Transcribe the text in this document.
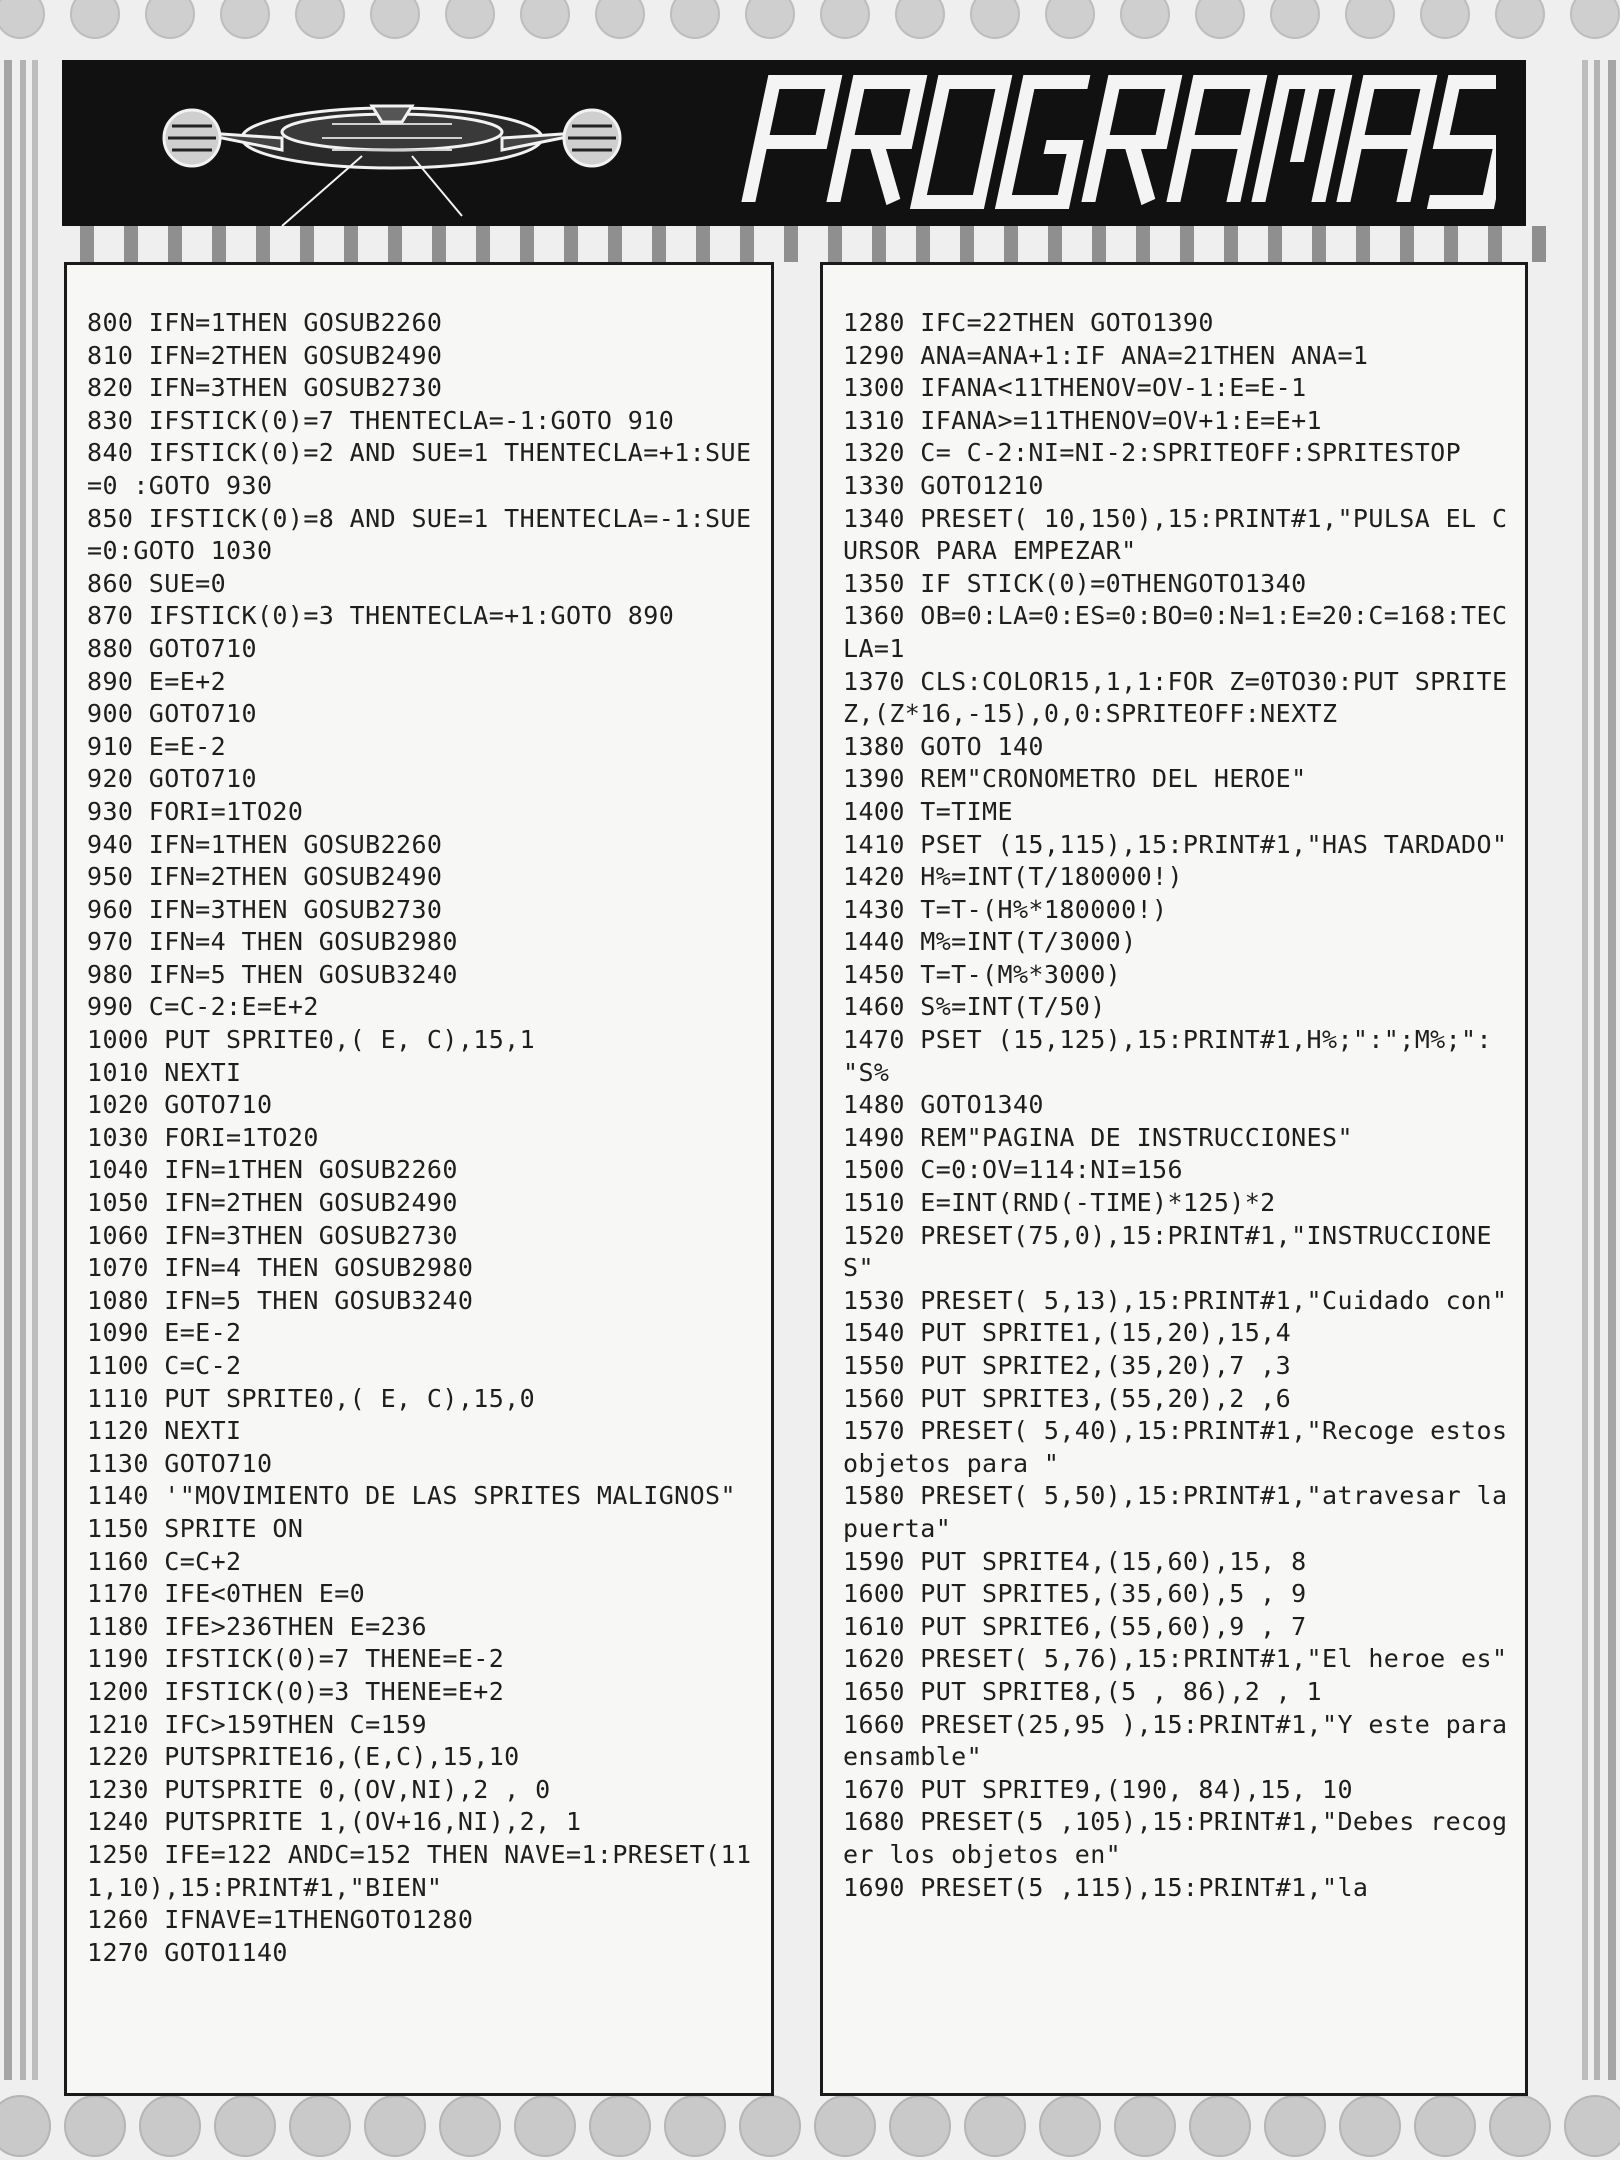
800 IFN=1THEN GOSUB2260

810 IFN=2THEN GOSUB2490

820 IFN=3THEN GOSUB2730

830 IFSTICK(0)=7 THENTECLA=-1:GOTO 910

840 IFSTICK(0)=2 AND SUE=1 THENTECLA=+1:SUE=0 :GOTO 930

850 IFSTICK(0)=8 AND SUE=1 THENTECLA=-1:SUE=0:GOTO 1030

860 SUE=0

870 IFSTICK(0)=3 THENTECLA=+1:GOTO 890

880 GOTO710

890 E=E+2

900 GOTO710

910 E=E-2

920 GOTO710

930 FORI=1TO20

940 IFN=1THEN GOSUB2260

950 IFN=2THEN GOSUB2490

960 IFN=3THEN GOSUB2730

970 IFN=4 THEN GOSUB2980

980 IFN=5 THEN GOSUB3240

990 C=C-2:E=E+2

1000 PUT SPRITE0,( E, C),15,1

1010 NEXTI

1020 GOTO710

1030 FORI=1TO20

1040 IFN=1THEN GOSUB2260

1050 IFN=2THEN GOSUB2490

1060 IFN=3THEN GOSUB2730

1070 IFN=4 THEN GOSUB2980

1080 IFN=5 THEN GOSUB3240

1090 E=E-2

1100 C=C-2

1110 PUT SPRITE0,( E, C),15,0

1120 NEXTI

1130 GOTO710

1140 '"MOVIMIENTO DE LAS SPRITES MALIGNOS"

1150 SPRITE ON

1160 C=C+2

1170 IFE<0THEN E=0

1180 IFE>236THEN E=236

1190 IFSTICK(0)=7 THENE=E-2

1200 IFSTICK(0)=3 THENE=E+2

1210 IFC>159THEN C=159

1220 PUTSPRITE16,(E,C),15,10

1230 PUTSPRITE 0,(OV,NI),2 , 0

1240 PUTSPRITE 1,(OV+16,NI),2, 1

1250 IFE=122 ANDC=152 THEN NAVE=1:PRESET(111,10),15:PRINT#1,"BIEN"

1260 IFNAVE=1THENGOTO1280

1270 GOTO1140

1280 IFC=22THEN GOTO1390

1290 ANA=ANA+1:IF ANA=21THEN ANA=1

1300 IFANA<11THENOV=OV-1:E=E-1

1310 IFANA>=11THENOV=OV+1:E=E+1

1320 C= C-2:NI=NI-2:SPRITEOFF:SPRITESTOP

1330 GOTO1210

1340 PRESET( 10,150),15:PRINT#1,"PULSA EL CURSOR PARA EMPEZAR"

1350 IF STICK(0)=0THENGOTO1340

1360 OB=0:LA=0:ES=0:BO=0:N=1:E=20:C=168:TECLA=1

1370 CLS:COLOR15,1,1:FOR Z=0TO30:PUT SPRITE Z,(Z*16,-15),0,0:SPRITEOFF:NEXTZ

1380 GOTO 140

1390 REM"CRONOMETRO DEL HEROE"

1400 T=TIME

1410 PSET (15,115),15:PRINT#1,"HAS TARDADO"

1420 H%=INT(T/180000!)

1430 T=T-(H%*180000!)

1440 M%=INT(T/3000)

1450 T=T-(M%*3000)

1460 S%=INT(T/50)

1470 PSET (15,125),15:PRINT#1,H%;":";M%;": "S%

1480 GOTO1340

1490 REM"PAGINA DE INSTRUCCIONES"

1500 C=0:OV=114:NI=156

1510 E=INT(RND(-TIME)*125)*2

1520 PRESET(75,0),15:PRINT#1,"INSTRUCCIONES"

1530 PRESET( 5,13),15:PRINT#1,"Cuidado con"

1540 PUT SPRITE1,(15,20),15,4

1550 PUT SPRITE2,(35,20),7 ,3

1560 PUT SPRITE3,(55,20),2 ,6

1570 PRESET( 5,40),15:PRINT#1,"Recoge estos objetos para "

1580 PRESET( 5,50),15:PRINT#1,"atravesar la puerta"

1590 PUT SPRITE4,(15,60),15, 8

1600 PUT SPRITE5,(35,60),5 , 9

1610 PUT SPRITE6,(55,60),9 , 7

1620 PRESET( 5,76),15:PRINT#1,"El heroe es"

1650 PUT SPRITE8,(5 , 86),2 , 1

1660 PRESET(25,95 ),15:PRINT#1,"Y este para ensamble"

1670 PUT SPRITE9,(190, 84),15, 10

1680 PRESET(5 ,105),15:PRINT#1,"Debes recoger los objetos en"

1690 PRESET(5 ,115),15:PRINT#1,"la
